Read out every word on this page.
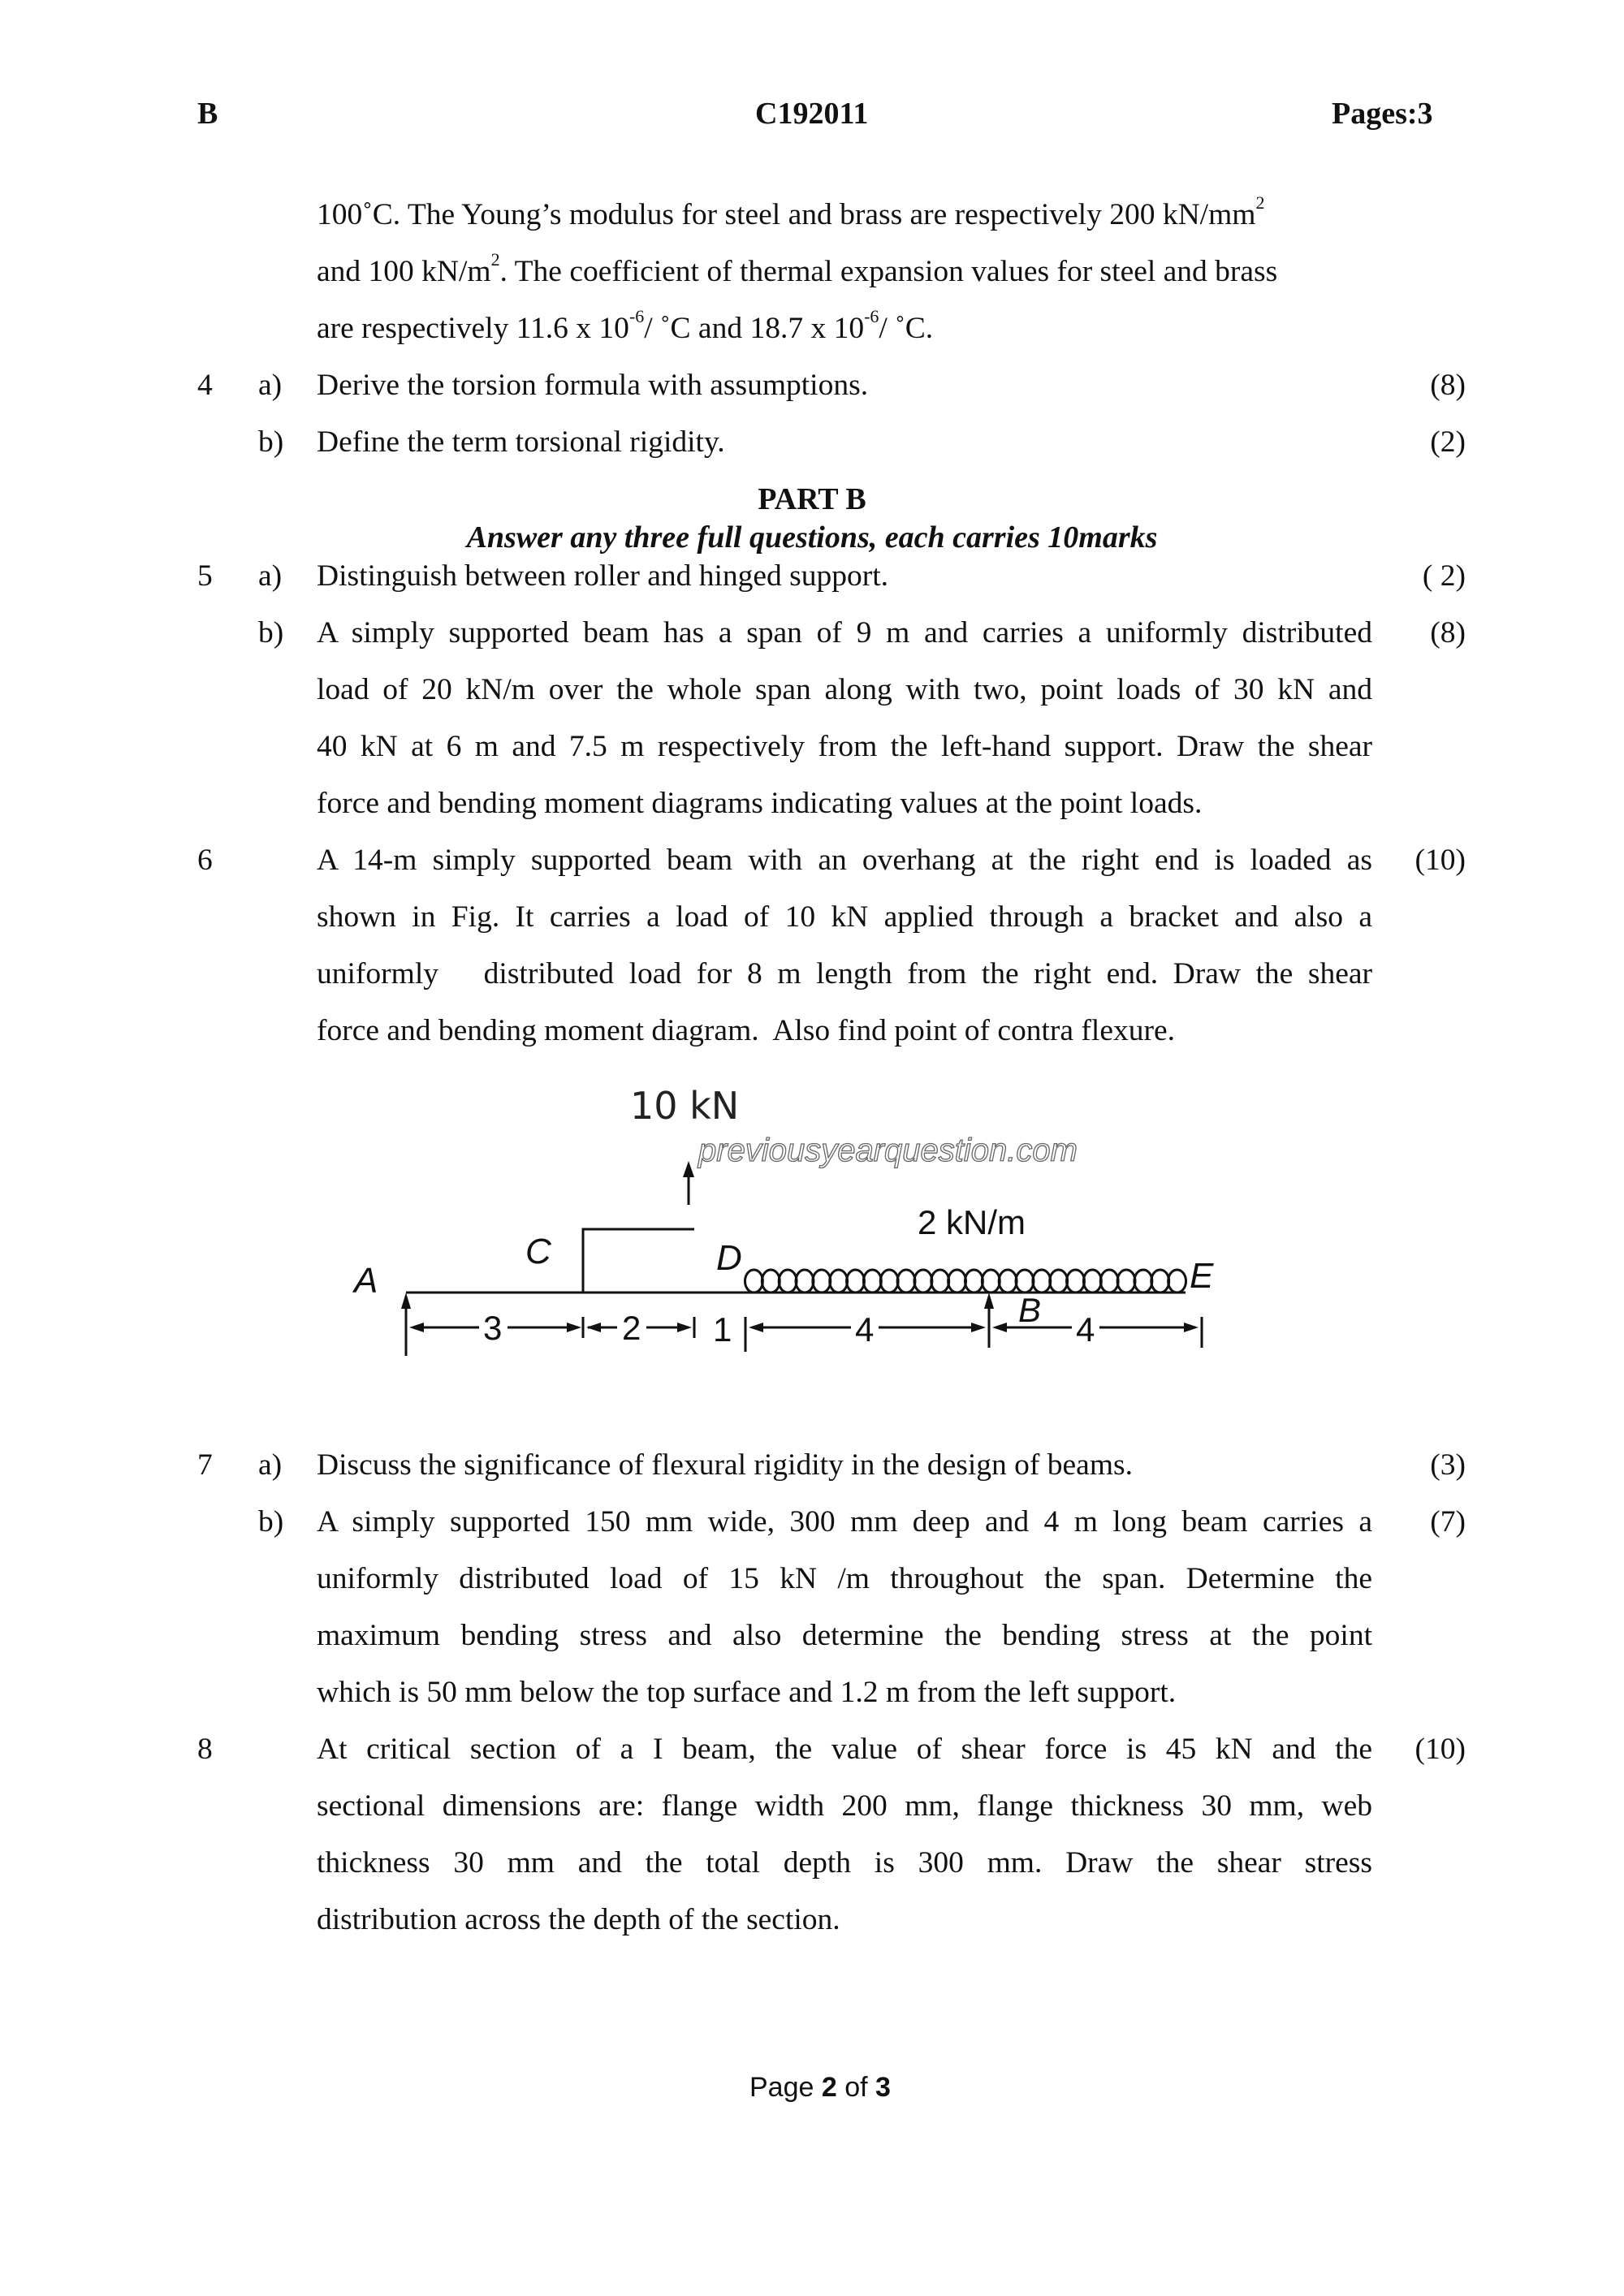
B	C192011	Pages:3
100˚C. The Young’s modulus for steel and brass are respectively 200 $kN/mm^2$
and 100 $kN/m^2$. The coefficient of thermal expansion values for steel and brass
are respectively 11.6 x $10^{-6}/$ ˚C and 18.7 x $10^{-6}/$ ˚C.
4 a) Derive the torsion formula with assumptions.	(8)
b) Define the term torsional rigidity.	(2)
PART B
Answer any three full questions, each carries 10marks
5 a) Distinguish between roller and hinged support.	( 2)
b)	(8)
A simply supported beam has a span of 9 m and carries a uniformly distributed
load of 20 kN/m over the whole span along with two, point loads of 30 kN and
40 kN at 6 m and 7.5 m respectively from the left-hand support. Draw the shear
force and bending moment diagrams indicating values at the point loads.
6	(10)
A 14-m simply supported beam with an overhang at the right end is loaded as
shown in Fig. It carries a load of 10 kN applied through a bracket and also a
uniformly   distributed load for 8 m length from the right end. Draw the shear
force and bending moment diagram.  Also find point of contra flexure.
10 kN
previousyearquestion.com
2 kN/m
A
C	D
B
E
3	2 1	4	4
7 a) Discuss the significance of flexural rigidity in the design of beams.	(3)
b)	(7)
A simply supported 150 mm wide, 300 mm deep and 4 m long beam carries a
uniformly distributed load of 15 kN /m throughout the span. Determine the
maximum bending stress and also determine the bending stress at the point
which is 50 mm below the top surface and 1.2 m from the left support.
8	(10)
At critical section of a I beam, the value of shear force is 45 kN and the
sectional dimensions are: flange width 200 mm, flange thickness 30 mm, web
thickness 30 mm and the total depth is 300 mm. Draw the shear stress
distribution across the depth of the section.
Page 2 of 3
